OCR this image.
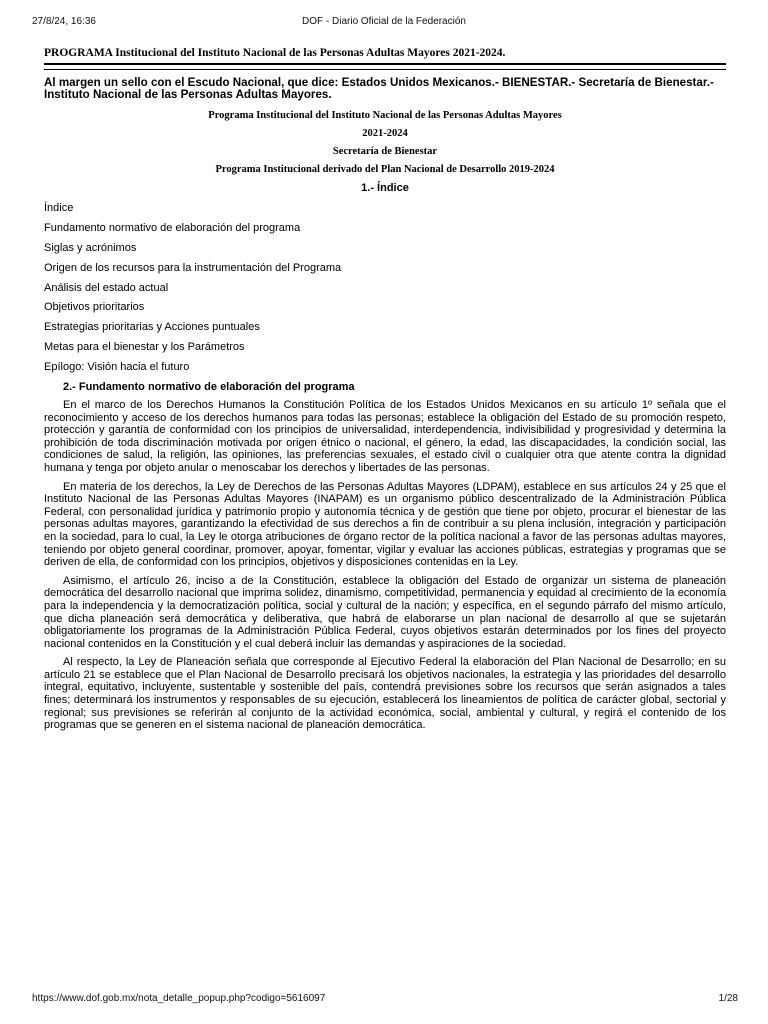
27/8/24, 16:36	DOF - Diario Oficial de la Federación
PROGRAMA Institucional del Instituto Nacional de las Personas Adultas Mayores 2021-2024.
Al margen un sello con el Escudo Nacional, que dice: Estados Unidos Mexicanos.- BIENESTAR.- Secretaría de Bienestar.- Instituto Nacional de las Personas Adultas Mayores.
Programa Institucional del Instituto Nacional de las Personas Adultas Mayores
2021-2024
Secretaría de Bienestar
Programa Institucional derivado del Plan Nacional de Desarrollo 2019-2024
1.- Índice
Índice
Fundamento normativo de elaboración del programa
Siglas y acrónimos
Origen de los recursos para la instrumentación del Programa
Análisis del estado actual
Objetivos prioritarios
Estrategias prioritarias y Acciones puntuales
Metas para el bienestar y los Parámetros
Epílogo: Visión hacia el futuro
2.- Fundamento normativo de elaboración del programa

En el marco de los Derechos Humanos la Constitución Política de los Estados Unidos Mexicanos en su artículo 1º señala que el reconocimiento y acceso de los derechos humanos para todas las personas; establece la obligación del Estado de su promoción respeto, protección y garantía de conformidad con los principios de universalidad, interdependencia, indivisibilidad y progresividad y determina la prohibición de toda discriminación motivada por origen étnico o nacional, el género, la edad, las discapacidades, la condición social, las condiciones de salud, la religión, las opiniones, las preferencias sexuales, el estado civil o cualquier otra que atente contra la dignidad humana y tenga por objeto anular o menoscabar los derechos y libertades de las personas.

En materia de los derechos, la Ley de Derechos de las Personas Adultas Mayores (LDPAM), establece en sus artículos 24 y 25 que el Instituto Nacional de las Personas Adultas Mayores (INAPAM) es un organismo público descentralizado de la Administración Pública Federal, con personalidad jurídica y patrimonio propio y autonomía técnica y de gestión que tiene por objeto, procurar el bienestar de las personas adultas mayores, garantizando la efectividad de sus derechos a fin de contribuir a su plena inclusión, integración y participación en la sociedad, para lo cual, la Ley le otorga atribuciones de órgano rector de la política nacional a favor de las personas adultas mayores, teniendo por objeto general coordinar, promover, apoyar, fomentar, vigilar y evaluar las acciones públicas, estrategias y programas que se deriven de ella, de conformidad con los principios, objetivos y disposiciones contenidas en la Ley.

Asimismo, el artículo 26, inciso a de la Constitución, establece la obligación del Estado de organizar un sistema de planeación democrática del desarrollo nacional que imprima solidez, dinamismo, competitividad, permanencia y equidad al crecimiento de la economía para la independencia y la democratización política, social y cultural de la nación; y específica, en el segundo párrafo del mismo artículo, que dicha planeación será democrática y deliberativa, que habrá de elaborarse un plan nacional de desarrollo al que se sujetarán obligatoriamente los programas de la Administración Pública Federal, cuyos objetivos estarán determinados por los fines del proyecto nacional contenidos en la Constitución y el cual deberá incluir las demandas y aspiraciones de la sociedad.

Al respecto, la Ley de Planeación señala que corresponde al Ejecutivo Federal la elaboración del Plan Nacional de Desarrollo; en su artículo 21 se establece que el Plan Nacional de Desarrollo precisará los objetivos nacionales, la estrategia y las prioridades del desarrollo integral, equitativo, incluyente, sustentable y sostenible del país, contendrá previsiones sobre los recursos que serán asignados a tales fines; determinará los instrumentos y responsables de su ejecución, establecerá los lineamientos de política de carácter global, sectorial y regional; sus previsiones se referirán al conjunto de la actividad económica, social, ambiental y cultural, y regirá el contenido de los programas que se generen en el sistema nacional de planeación democrática.

https://www.dof.gob.mx/nota_detalle_popup.php?codigo=5616097	1/28
